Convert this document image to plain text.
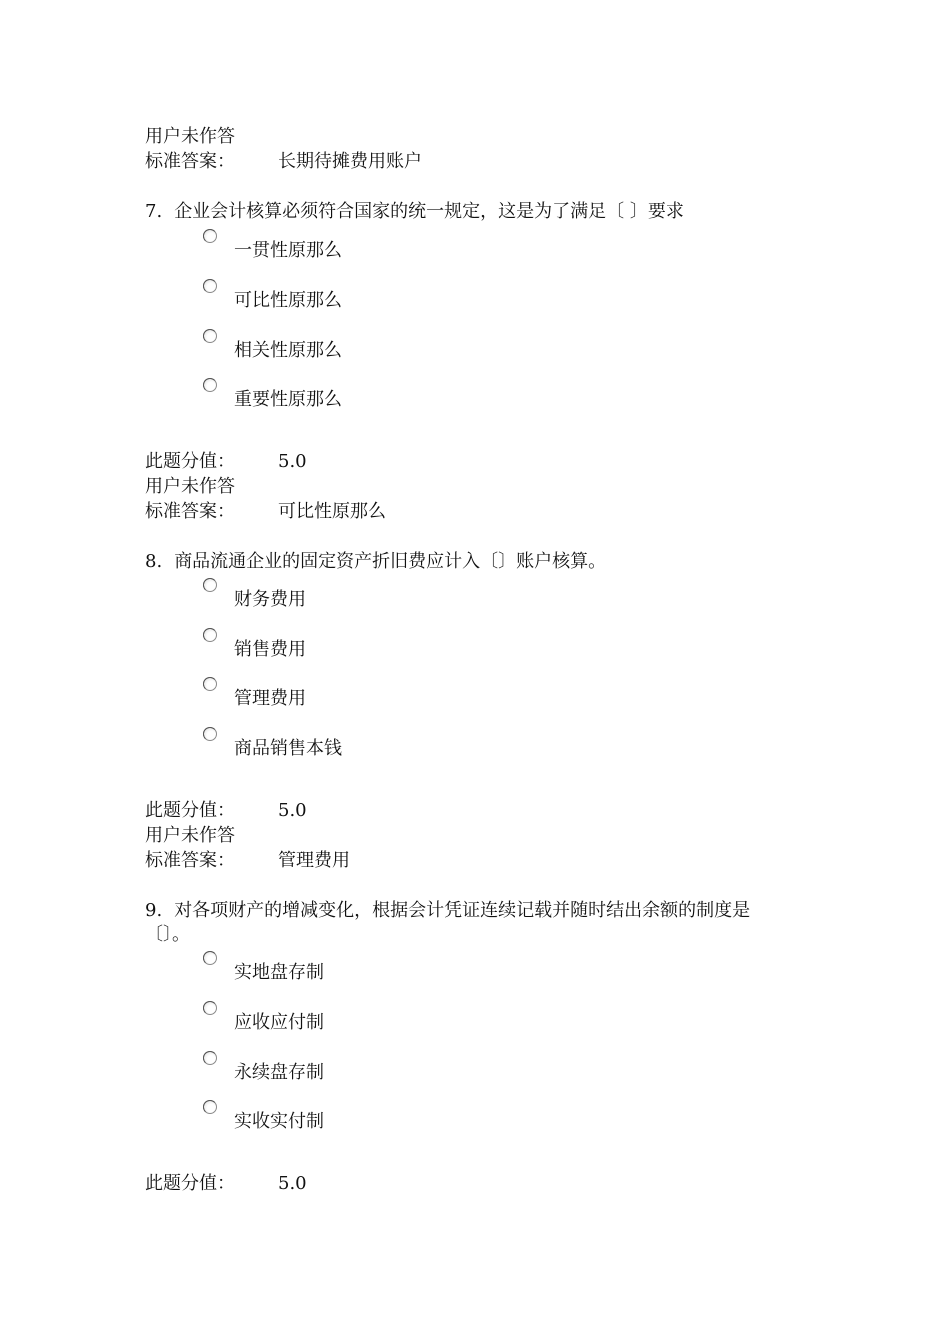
用户未作答
标准答案： 长期待摊费用账户
7. 企业会计核算必须符合国家的统一规定，这是为了满足〔 〕要求
一贯性原那么
可比性原那么
相关性原那么
重要性原那么
此题分值： 5.0
用户未作答
标准答案： 可比性原那么
8. 商品流通企业的固定资产折旧费应计入〔〕账户核算。
财务费用
销售费用
管理费用
商品销售本钱
此题分值： 5.0
用户未作答
标准答案： 管理费用
9. 对各项财产的增减变化，根据会计凭证连续记载并随时结出余额的制度是
〔〕。
实地盘存制
应收应付制
永续盘存制
实收实付制
此题分值： 5.0
